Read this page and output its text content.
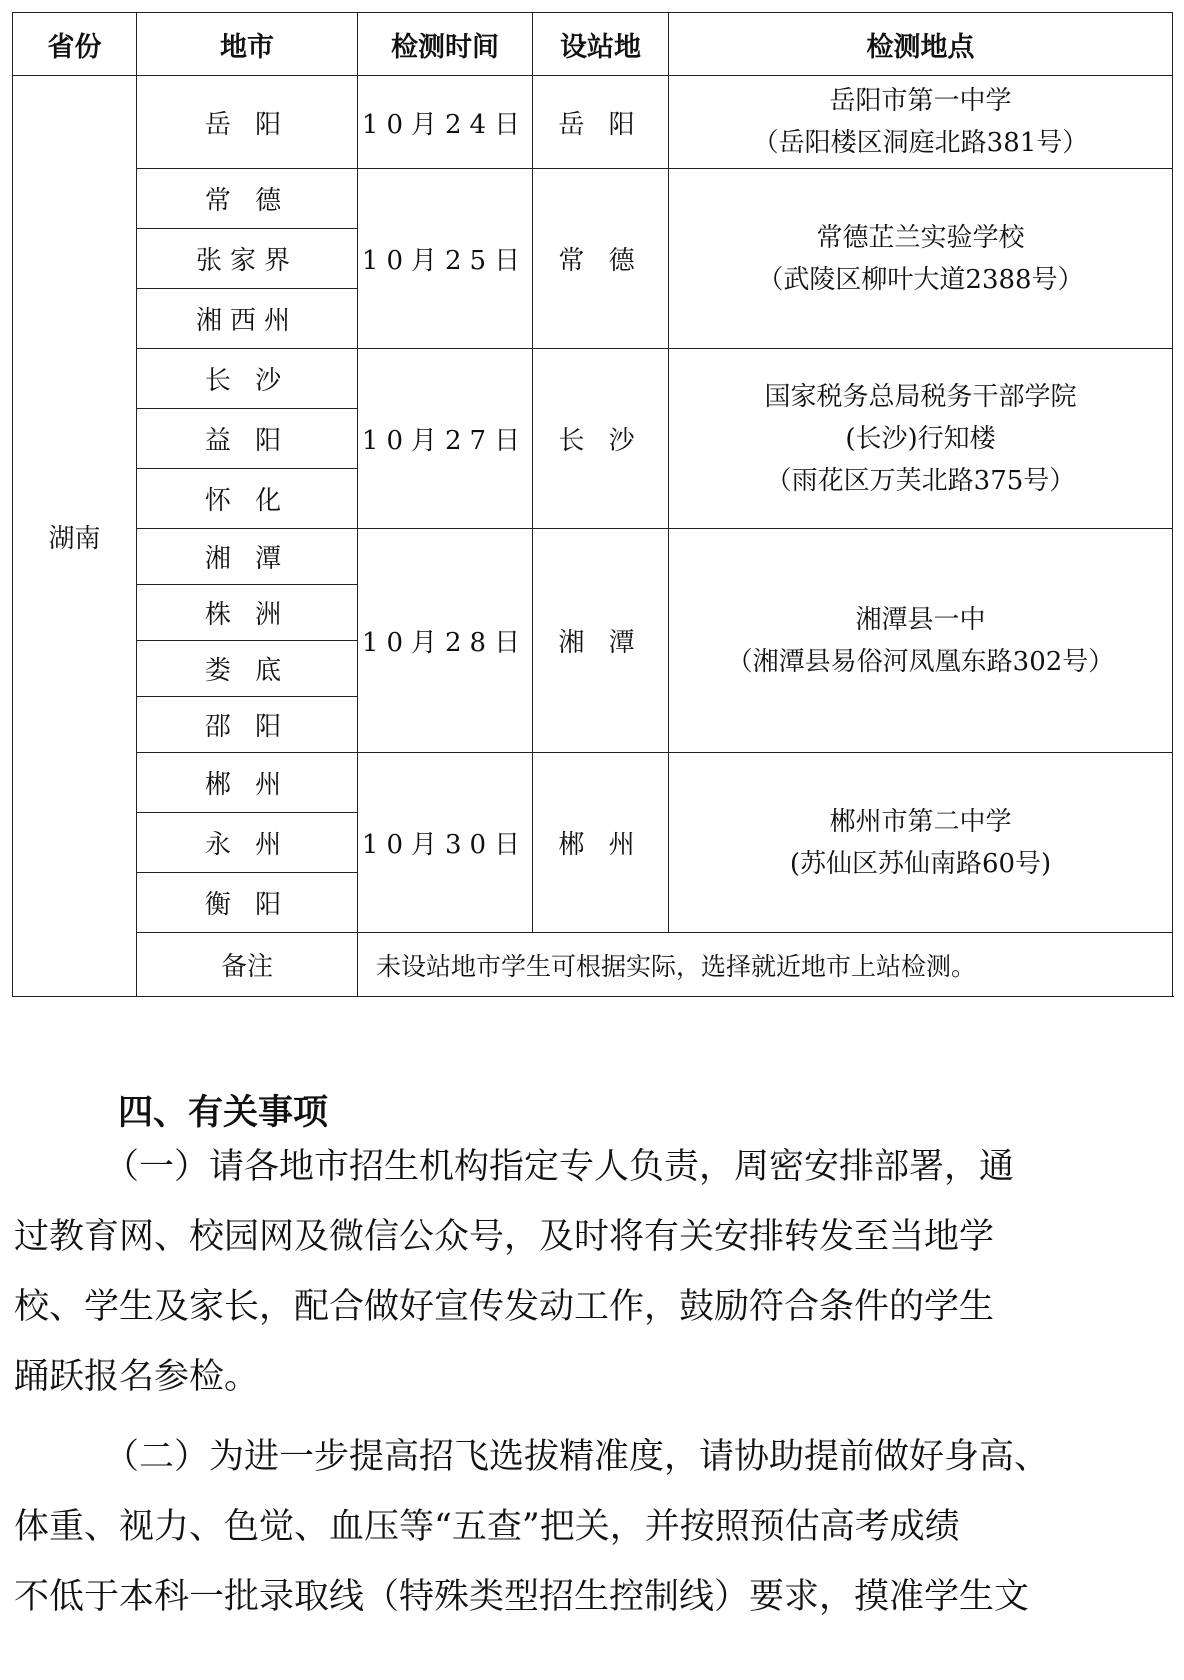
省份	地市	检测时间	设站地	检测地点
湖南	岳 阳	10月24日	岳 阳	岳阳市第一中学
（岳阳楼区洞庭北路381号）

	常 德	10月25日	常 德	常德芷兰实验学校
（武陵区柳叶大道2388号）

	张家界			
	湘西州			
	长 沙	10月27日	长 沙	国家税务总局税务干部学院
(长沙)行知楼
（雨花区万芙北路375号）

	益 阳			
	怀 化			
	湘 潭	10月28日	湘 潭	湘潭县一中
（湘潭县易俗河凤凰东路302号）

	株 洲			
	娄 底			
	邵 阳			
	郴 州	10月30日	郴 州	郴州市第二中学
(苏仙区苏仙南路60号)

	永 州			
	衡 阳			
	备注	未设站地市学生可根据实际，选择就近地市上站检测。		
四、有关事项

（一）请各地市招生机构指定专人负责，周密安排部署，通
过教育网、校园网及微信公众号，及时将有关安排转发至当地学
校、学生及家长，配合做好宣传发动工作，鼓励符合条件的学生
踊跃报名参检。

（二）为进一步提高招飞选拔精准度，请协助提前做好身高、
体重、视力、色觉、血压等“五查”把关，并按照预估高考成绩
不低于本科一批录取线（特殊类型招生控制线）要求，摸准学生文
